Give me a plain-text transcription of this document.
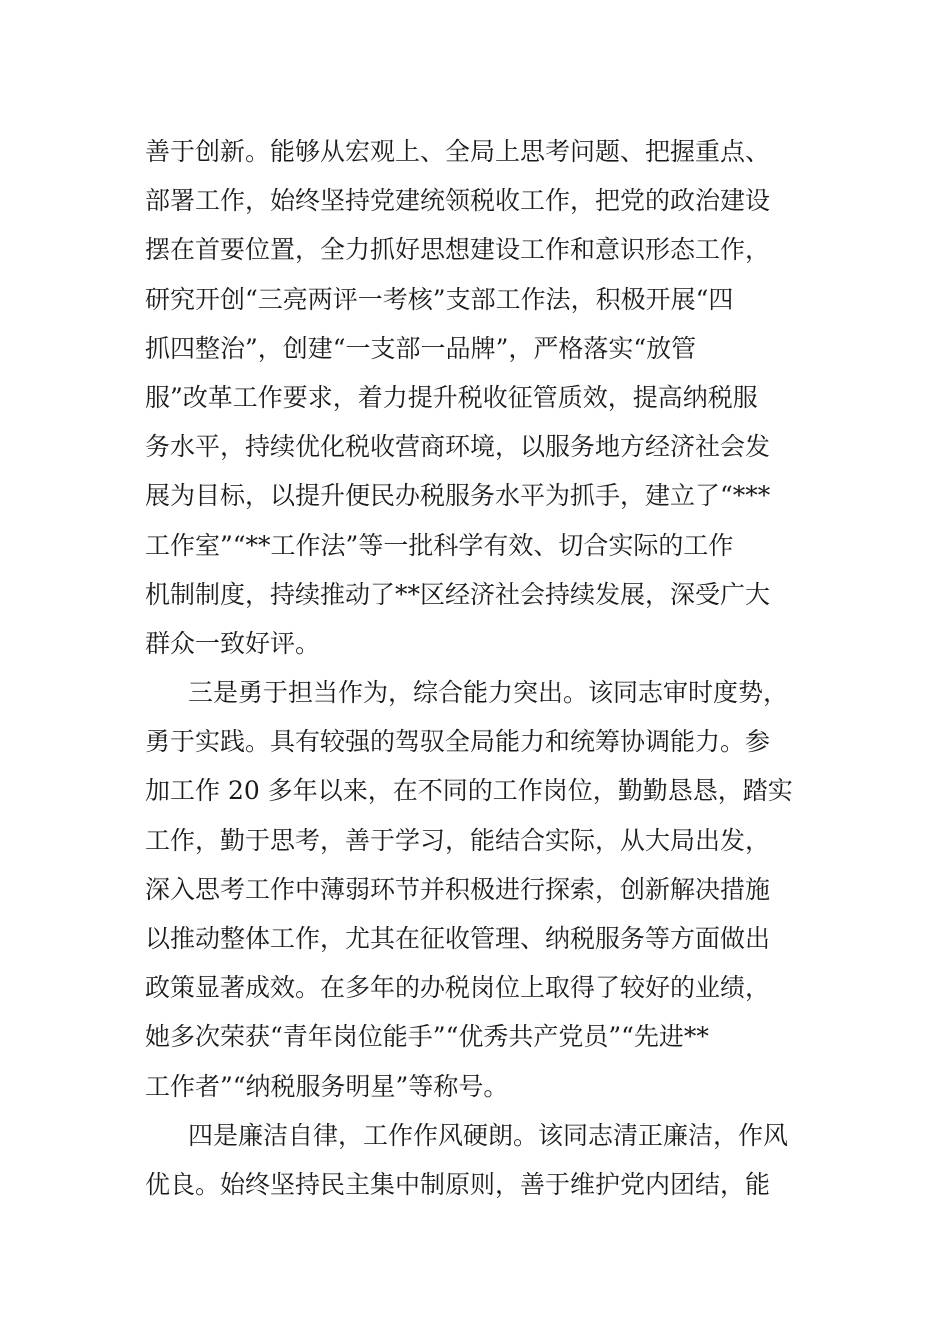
善于创新。能够从宏观上、全局上思考问题、把握重点、
部署工作，始终坚持党建统领税收工作，把党的政治建设
摆在首要位置，全力抓好思想建设工作和意识形态工作，
研究开创“三亮两评一考核”支部工作法，积极开展“四
抓四整治”，创建“一支部一品牌”，严格落实“放管
服”改革工作要求，着力提升税收征管质效，提高纳税服
务水平，持续优化税收营商环境，以服务地方经济社会发
展为目标，以提升便民办税服务水平为抓手，建立了“***
工作室”“**工作法”等一批科学有效、切合实际的工作
机制制度，持续推动了**区经济社会持续发展，深受广大
群众一致好评。
三是勇于担当作为，综合能力突出。该同志审时度势，
勇于实践。具有较强的驾驭全局能力和统筹协调能力。参
加工作 20 多年以来，在不同的工作岗位，勤勤恳恳，踏实
工作，勤于思考，善于学习，能结合实际，从大局出发，
深入思考工作中薄弱环节并积极进行探索，创新解决措施
以推动整体工作，尤其在征收管理、纳税服务等方面做出
政策显著成效。在多年的办税岗位上取得了较好的业绩，
她多次荣获“青年岗位能手”“优秀共产党员”“先进**
工作者”“纳税服务明星”等称号。
四是廉洁自律，工作作风硬朗。该同志清正廉洁，作风
优良。始终坚持民主集中制原则，善于维护党内团结，能
